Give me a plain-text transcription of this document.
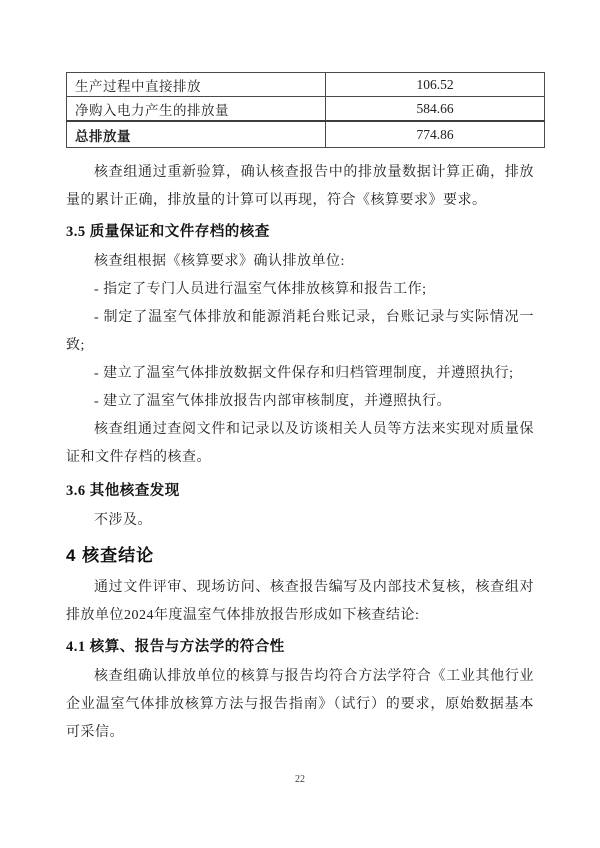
生产过程中直接排放	106.52
净购入电力产生的排放量	584.66
总排放量	774.86

核查组通过重新验算，确认核查报告中的排放量数据计算正确，排放量的累计正确，排放量的计算可以再现，符合《核算要求》要求。

3.5 质量保证和文件存档的核查

核查组根据《核算要求》确认排放单位:

- 指定了专门人员进行温室气体排放核算和报告工作;

- 制定了温室气体排放和能源消耗台账记录，台账记录与实际情况一致;

- 建立了温室气体排放数据文件保存和归档管理制度，并遵照执行;

- 建立了温室气体排放报告内部审核制度，并遵照执行。

核查组通过查阅文件和记录以及访谈相关人员等方法来实现对质量保证和文件存档的核查。

3.6 其他核查发现

不涉及。

4 核查结论

通过文件评审、现场访问、核查报告编写及内部技术复核，核查组对排放单位2024年度温室气体排放报告形成如下核查结论:

4.1 核算、报告与方法学的符合性

核查组确认排放单位的核算与报告均符合方法学符合《工业其他行业企业温室气体排放核算方法与报告指南》（试行）的要求，原始数据基本可采信。

22
